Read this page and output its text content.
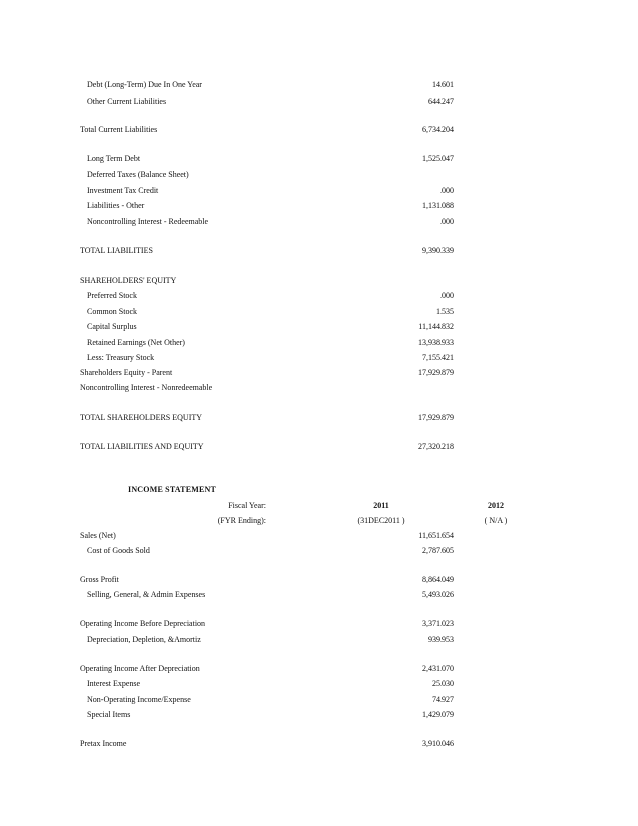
Debt (Long-Term) Due In One Year	14.601
Other Current Liabilities	644.247
Total Current Liabilities	6,734.204
Long Term Debt	1,525.047
Deferred Taxes (Balance Sheet)
Investment Tax Credit	.000
Liabilities - Other	1,131.088
Noncontrolling Interest - Redeemable	.000
TOTAL LIABILITIES	9,390.339
SHAREHOLDERS' EQUITY
Preferred Stock	.000
Common Stock	1.535
Capital Surplus	11,144.832
Retained Earnings (Net Other)	13,938.933
Less: Treasury Stock	7,155.421
Shareholders Equity - Parent	17,929.879
Noncontrolling Interest - Nonredeemable
TOTAL SHAREHOLDERS EQUITY	17,929.879
TOTAL LIABILITIES AND EQUITY	27,320.218
INCOME STATEMENT
Fiscal Year:	2011	2012
(FYR Ending):	(31DEC2011 )	( N/A )
Sales (Net)	11,651.654
Cost of Goods Sold	2,787.605
Gross Profit	8,864.049
Selling, General, & Admin Expenses	5,493.026
Operating Income Before Depreciation	3,371.023
Depreciation, Depletion, &Amortiz	939.953
Operating Income After Depreciation	2,431.070
Interest Expense	25.030
Non-Operating Income/Expense	74.927
Special Items	1,429.079
Pretax Income	3,910.046
